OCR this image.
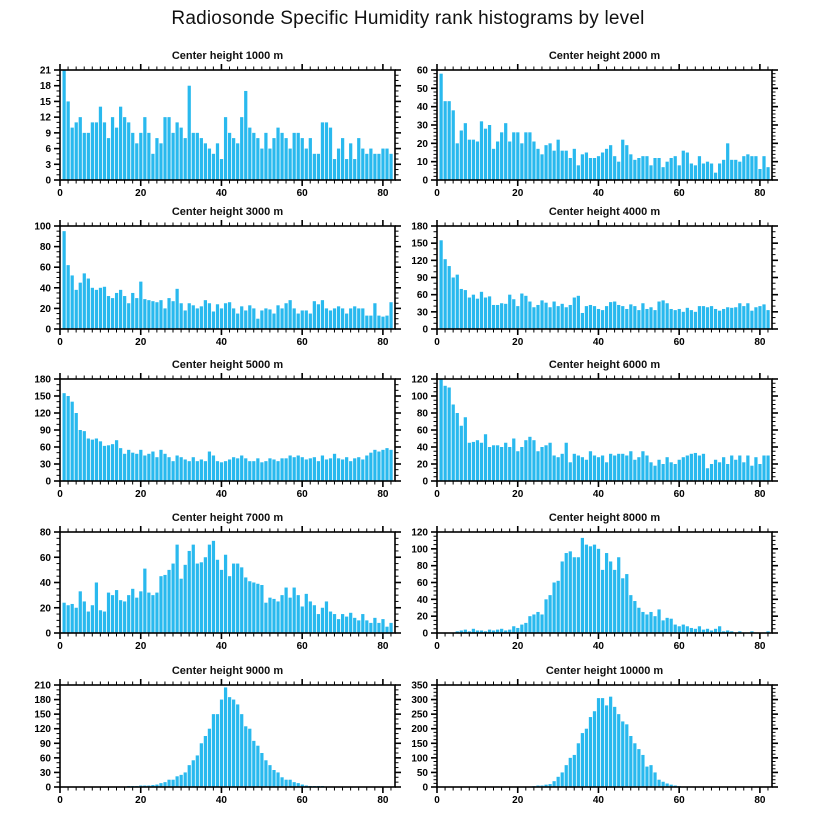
Radiosonde Specific Humidity rank histograms by level
Center height 1000 m
0	20	40	60	80
0
3
6
9
12
15
18
21
Center height 2000 m
0	20	40	60	80
0
10
20
30
40
50
60
Center height 3000 m
0	20	40	60	80
0
20
40
60
80
100
Center height 4000 m
0	20	40	60	80
0
30
60
90
120
150
180
Center height 5000 m
0	20	40	60	80
0
30
60
90
120
150
180
Center height 6000 m
0	20	40	60	80
0
20
40
60
80
100
120
Center height 7000 m
0	20	40	60	80
0
20
40
60
80
Center height 8000 m
0	20	40	60	80
0
20
40
60
80
100
120
Center height 9000 m
0	20	40	60	80
0
30
60
90
120
150
180
210
Center height 10000 m
0	20	40	60	80
0
50
100
150
200
250
300
350
